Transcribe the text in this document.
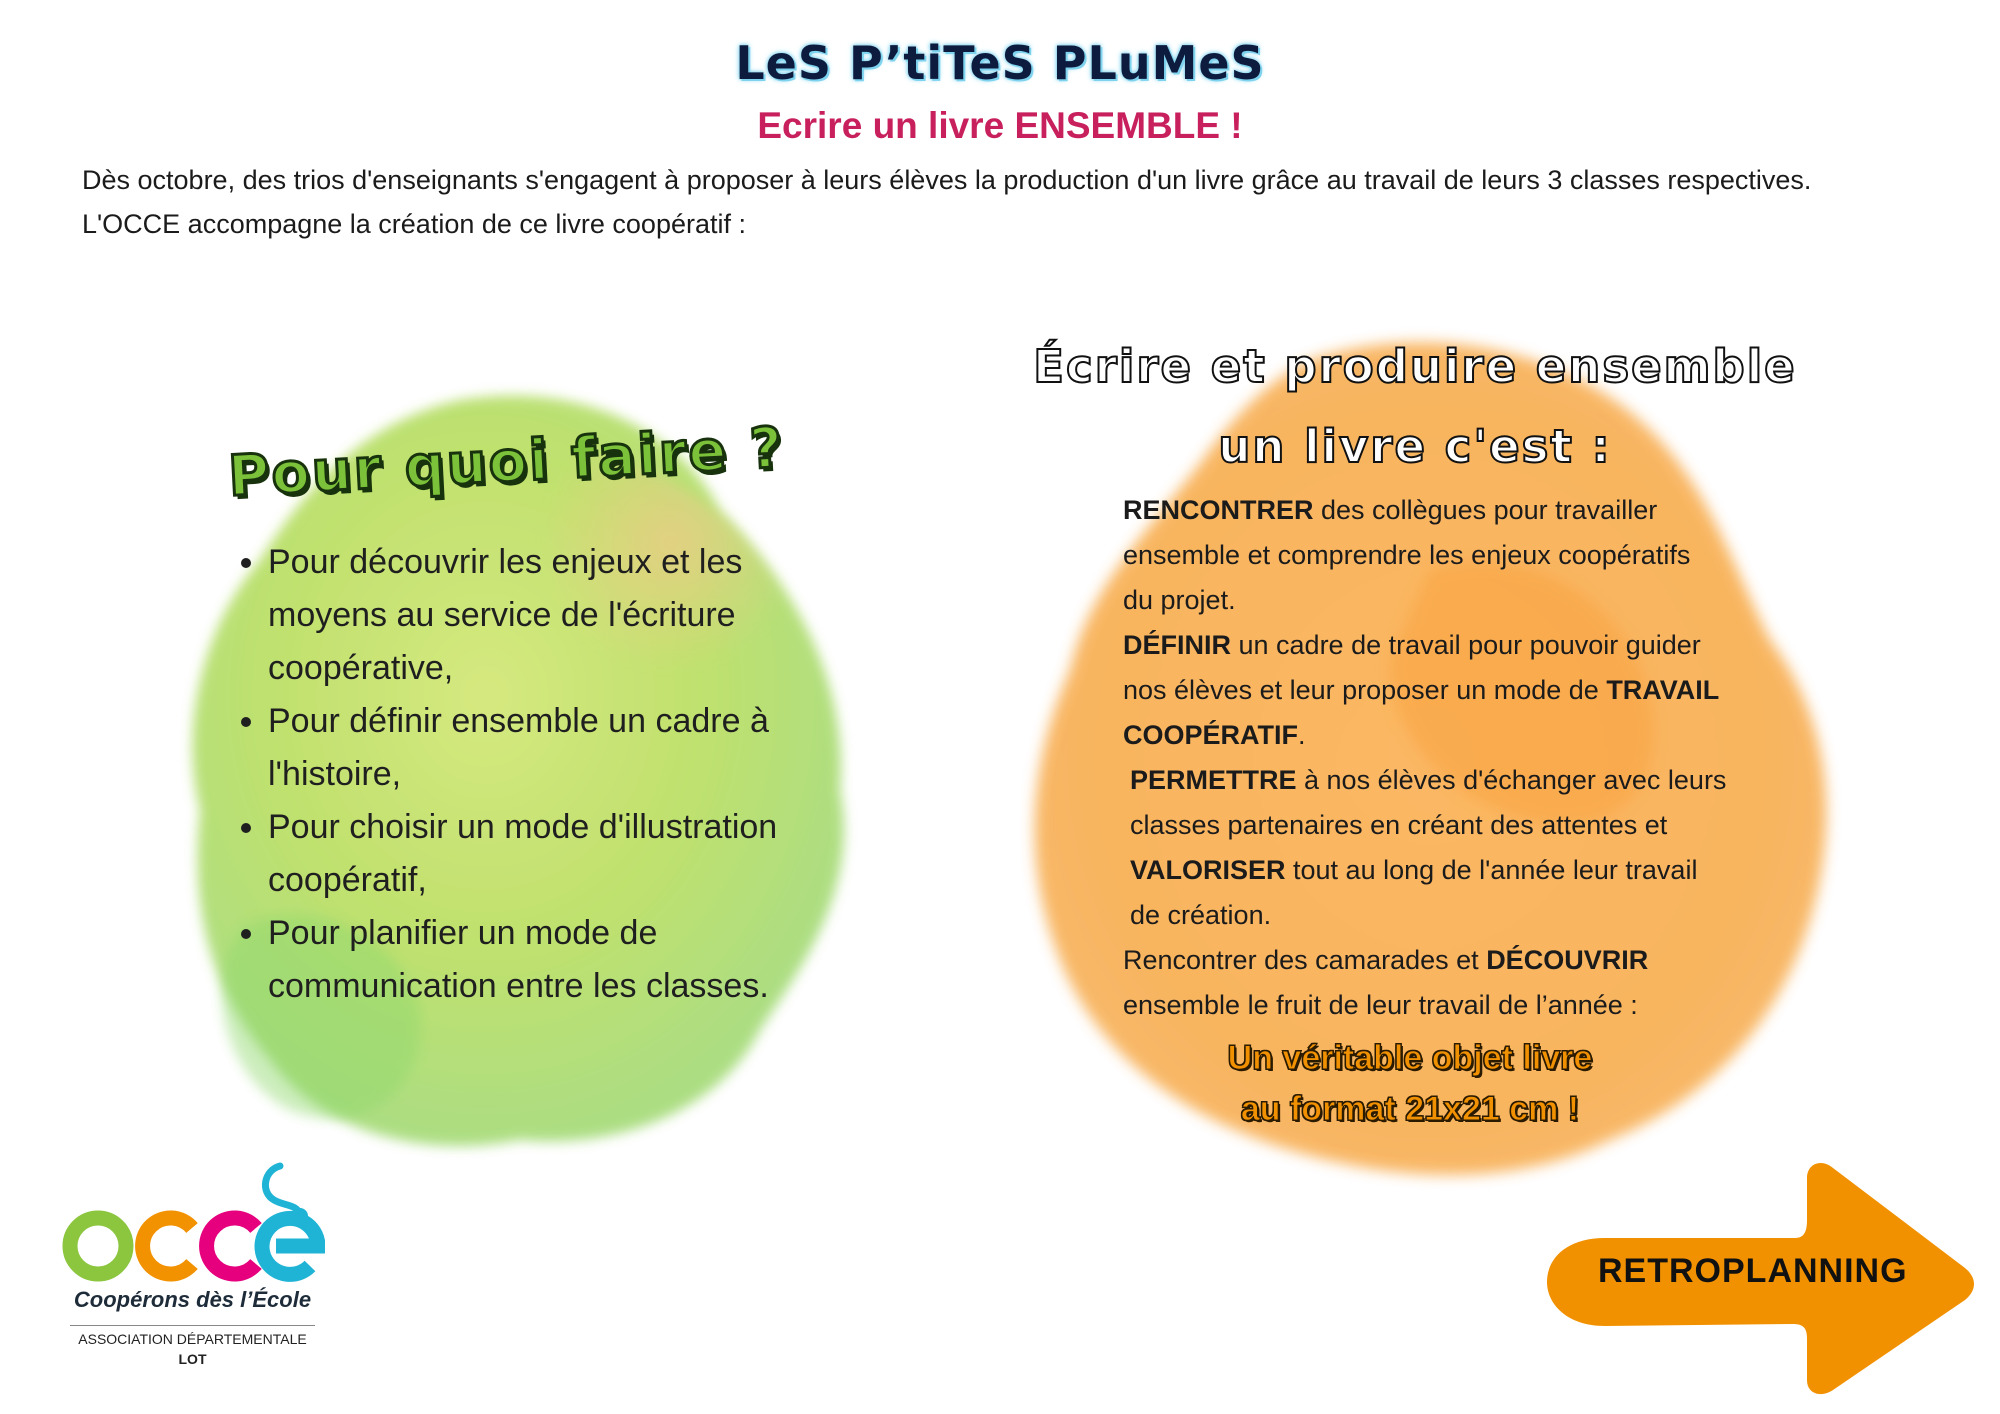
LeS P’tiTeS PLuMeS
Ecrire un livre ENSEMBLE !
Dès octobre, des trios d'enseignants s'engagent à proposer à leurs élèves la production d'un livre grâce au travail de leurs 3 classes respectives.
L'OCCE accompagne la création de ce livre coopératif :
Pour quoi faire ?
• Pour découvrir les enjeux et les moyens au service de l'écriture coopérative,
• Pour définir ensemble un cadre à l'histoire,
• Pour choisir un mode d'illustration coopératif,
• Pour planifier un mode de communication entre les classes.
Écrire et produire ensemble
un livre c'est :
RENCONTRER des collègues pour travailler ensemble et comprendre les enjeux coopératifs du projet.
DÉFINIR un cadre de travail pour pouvoir guider nos élèves et leur proposer un mode de TRAVAIL COOPÉRATIF.
PERMETTRE à nos élèves d'échanger avec leurs classes partenaires en créant des attentes et VALORISER tout au long de l'année leur travail de création.
Rencontrer des camarades et DÉCOUVRIR ensemble le fruit de leur travail de l’année :
Un véritable objet livre
au format 21x21 cm !
RETROPLANNING
Coopérons dès l’École
ASSOCIATION DÉPARTEMENTALE
LOT
